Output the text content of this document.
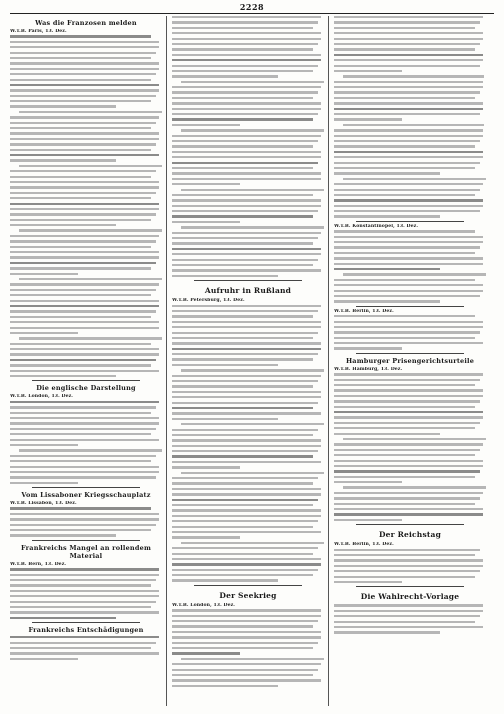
2228
Was die Franzosen melden
W.T.B. Paris, 13. Dez.
Die englische Darstellung
W.T.B. London, 13. Dez.
Vom Lissaboner Kriegsschauplatz
W.T.B. Lissabon, 13. Dez.
Frankreichs Mangel an rollendem Material
W.T.B. Bern, 13. Dez.
Frankreichs Entschädigungen
Aufruhr in Rußland
W.T.B. Petersburg, 13. Dez.
Der Seekrieg
W.T.B. London, 13. Dez.
W.T.B. Konstantinopel, 13. Dez.
W.T.B. Berlin, 13. Dez.
Hamburger Prisengerichtsurteile
W.T.B. Hamburg, 13. Dez.
Der Reichstag
W.T.B. Berlin, 13. Dez.
Die Wahlrecht-Vorlage
